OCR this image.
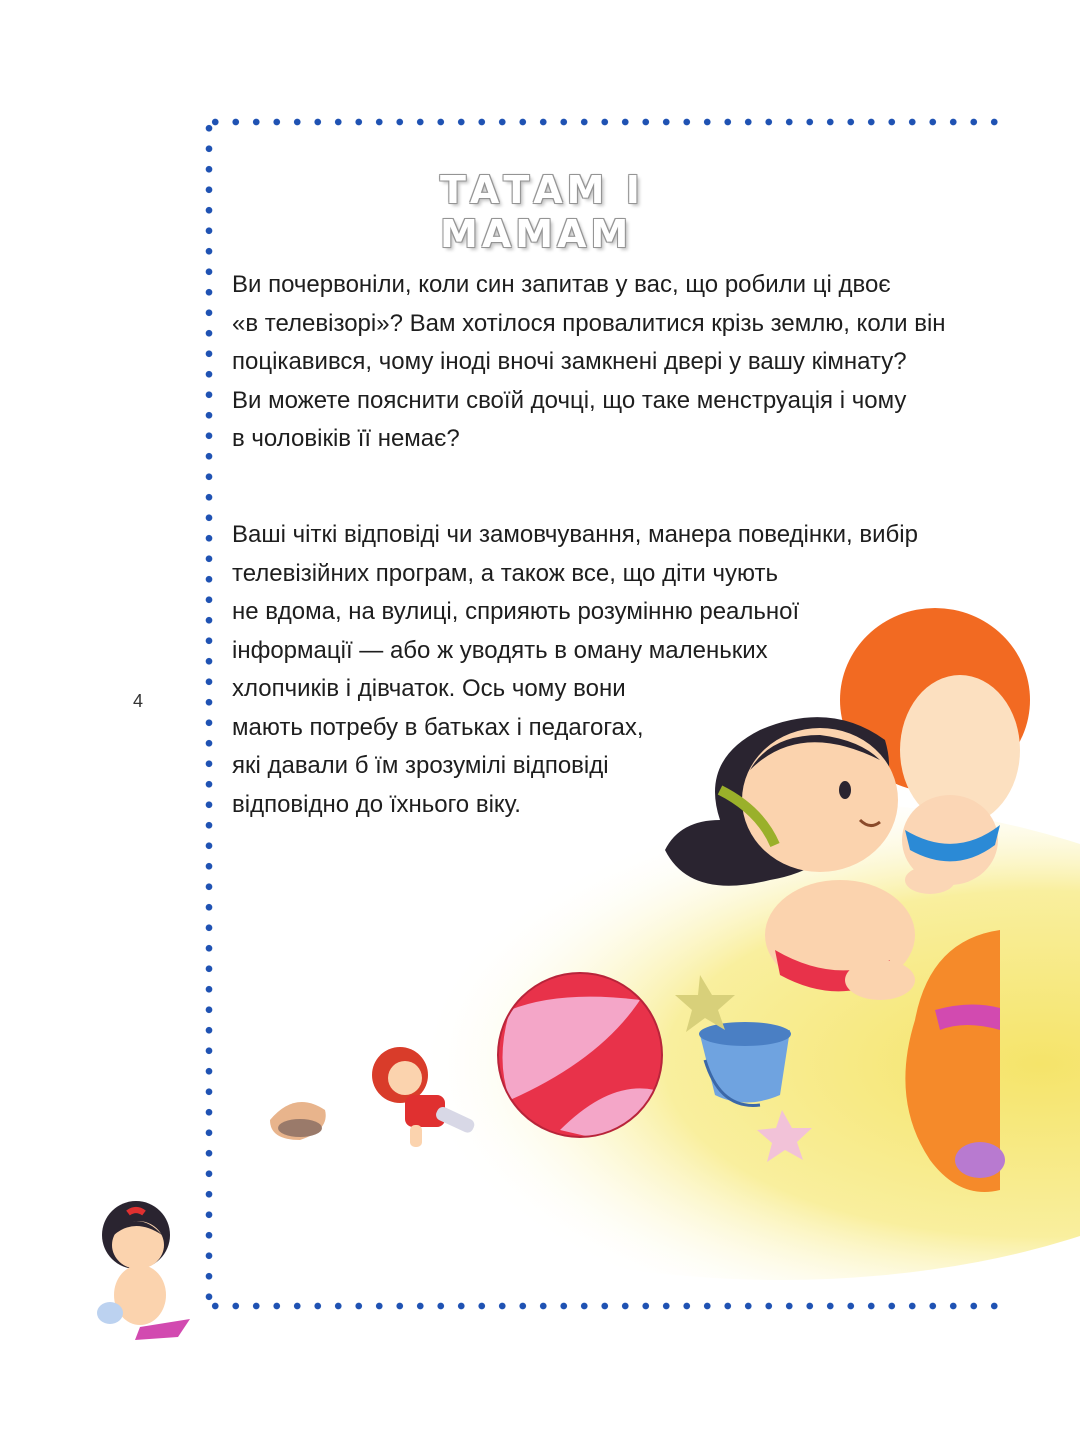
ТАТАМ І МАМАМ

Ви почервоніли, коли син запитав у вас, що робили ці двоє
«в телевізорі»? Вам хотілося провалитися крізь землю, коли він
поцікавився, чому іноді вночі замкнені двері у вашу кімнату?
Ви можете пояснити своїй дочці, що таке менструація і чому
в чоловіків її немає?

Ваші чіткі відповіді чи замовчування, манера поведінки, вибір
телевізійних програм, а також все, що діти чують
не вдома, на вулиці, сприяють розумінню реальної
інформації — або ж уводять в оману маленьких
хлопчиків і дівчаток. Ось чому вони
мають потребу в батьках і педагогах,
які давали б їм зрозумілі відповіді
відповідно до їхнього віку.

4
